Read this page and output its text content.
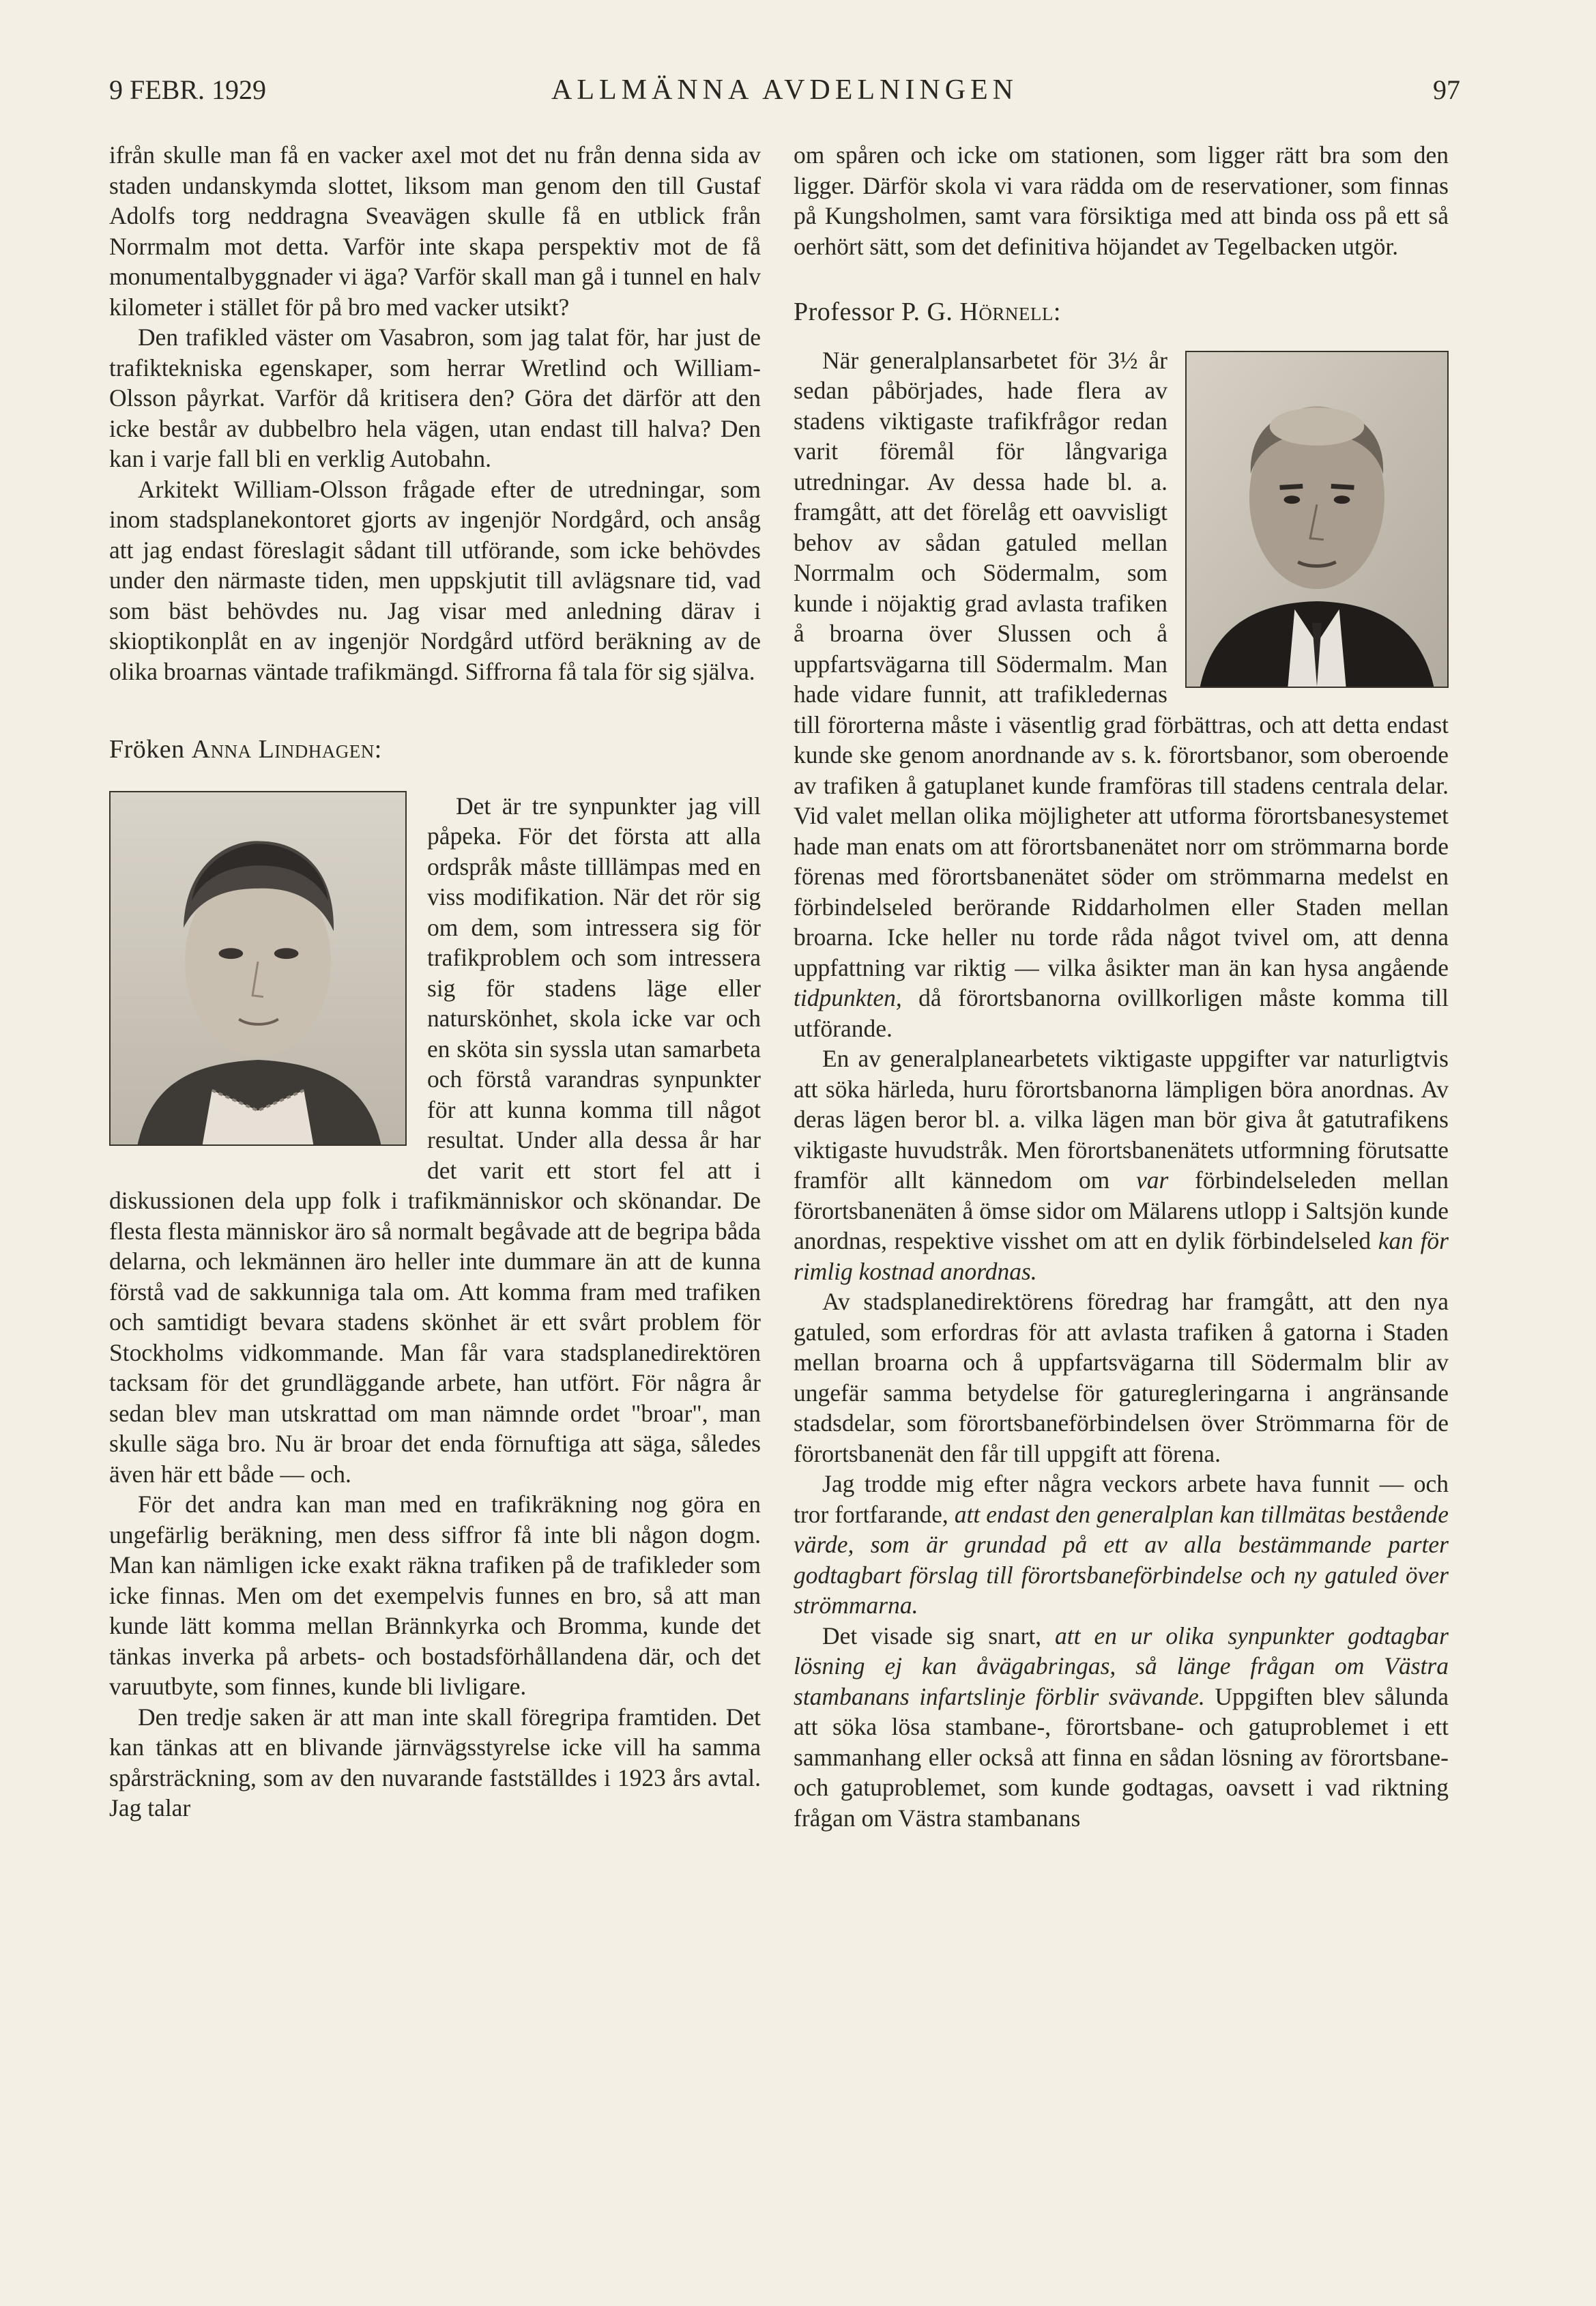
9 FEBR. 1929	ALLMÄNNA AVDELNINGEN	97

ifrån skulle man få en vacker axel mot det nu från denna sida av staden undanskymda slottet, liksom man genom den till Gustaf Adolfs torg neddragna Sveavägen skulle få en utblick från Norrmalm mot detta. Varför inte skapa perspektiv mot de få monumentalbyggnader vi äga? Varför skall man gå i tunnel en halv kilometer i stället för på bro med vacker utsikt?

Den trafikled väster om Vasabron, som jag talat för, har just de trafiktekniska egenskaper, som herrar Wretlind och William-Olsson påyrkat. Varför då kritisera den? Göra det därför att den icke består av dubbelbro hela vägen, utan endast till halva? Den kan i varje fall bli en verklig Autobahn.

Arkitekt William-Olsson frågade efter de utredningar, som inom stadsplanekontoret gjorts av ingenjör Nordgård, och ansåg att jag endast föreslagit sådant till utförande, som icke behövdes under den närmaste tiden, men uppskjutit till avlägsnare tid, vad som bäst behövdes nu. Jag visar med anledning därav i skioptikonplåt en av ingenjör Nordgård utförd beräkning av de olika broarnas väntade trafikmängd. Siffrorna få tala för sig själva.

Fröken Anna Lindhagen:

Det är tre synpunkter jag vill påpeka. För det första att alla ordspråk måste tilllämpas med en viss modifikation. När det rör sig om dem, som intressera sig för trafikproblem och som intressera sig för stadens läge eller naturskönhet, skola icke var och en sköta sin syssla utan samarbeta och förstå varandras synpunkter för att kunna komma till något resultat. Under alla dessa år har det varit ett stort fel att i diskussionen dela upp folk i trafikmänniskor och skönandar. De flesta flesta människor äro så normalt begåvade att de begripa båda delarna, och lekmännen äro heller inte dummare än att de kunna förstå vad de sakkunniga tala om. Att komma fram med trafiken och samtidigt bevara stadens skönhet är ett svårt problem för Stockholms vidkommande. Man får vara stadsplanedirektören tacksam för det grundläggande arbete, han utfört. För några år sedan blev man utskrattad om man nämnde ordet "broar", man skulle säga bro. Nu är broar det enda förnuftiga att säga, således även här ett både — och.

För det andra kan man med en trafikräkning nog göra en ungefärlig beräkning, men dess siffror få inte bli någon dogm. Man kan nämligen icke exakt räkna trafiken på de trafikleder som icke finnas. Men om det exempelvis funnes en bro, så att man kunde lätt komma mellan Brännkyrka och Bromma, kunde det tänkas inverka på arbets- och bostadsförhållandena där, och det varuutbyte, som finnes, kunde bli livligare.

Den tredje saken är att man inte skall föregripa framtiden. Det kan tänkas att en blivande järnvägsstyrelse icke vill ha samma spårsträckning, som av den nuvarande fastställdes i 1923 års avtal. Jag talar

om spåren och icke om stationen, som ligger rätt bra som den ligger. Därför skola vi vara rädda om de reservationer, som finnas på Kungsholmen, samt vara försiktiga med att binda oss på ett så oerhört sätt, som det definitiva höjandet av Tegelbacken utgör.

Professor P. G. Hörnell:

När generalplansarbetet för 3½ år sedan påbörjades, hade flera av stadens viktigaste trafikfrågor redan varit föremål för långvariga utredningar. Av dessa hade bl. a. framgått, att det förelåg ett oavvisligt behov av sådan gatuled mellan Norrmalm och Södermalm, som kunde i nöjaktig grad avlasta trafiken å broarna över Slussen och å uppfartsvägarna till Södermalm. Man hade vidare funnit, att trafikledernas till förorterna måste i väsentlig grad förbättras, och att detta endast kunde ske genom anordnande av s. k. förortsbanor, som oberoende av trafiken å gatuplanet kunde framföras till stadens centrala delar. Vid valet mellan olika möjligheter att utforma förortsbanesystemet hade man enats om att förortsbanenätet norr om strömmarna borde förenas med förortsbanenätet söder om strömmarna medelst en förbindelseled berörande Riddarholmen eller Staden mellan broarna. Icke heller nu torde råda något tvivel om, att denna uppfattning var riktig — vilka åsikter man än kan hysa angående tidpunkten, då förortsbanorna ovillkorligen måste komma till utförande.

En av generalplanearbetets viktigaste uppgifter var naturligtvis att söka härleda, huru förortsbanorna lämpligen böra anordnas. Av deras lägen beror bl. a. vilka lägen man bör giva åt gatutrafikens viktigaste huvudstråk. Men förortsbanenätets utformning förutsatte framför allt kännedom om var förbindelseleden mellan förortsbanenäten å ömse sidor om Mälarens utlopp i Saltsjön kunde anordnas, respektive visshet om att en dylik förbindelseled kan för rimlig kostnad anordnas.

Av stadsplanedirektörens föredrag har framgått, att den nya gatuled, som erfordras för att avlasta trafiken å gatorna i Staden mellan broarna och å uppfartsvägarna till Södermalm blir av ungefär samma betydelse för gaturegleringarna i angränsande stadsdelar, som förortsbaneförbindelsen över Strömmarna för de förortsbanenät den får till uppgift att förena.

Jag trodde mig efter några veckors arbete hava funnit — och tror fortfarande, att endast den generalplan kan tillmätas bestående värde, som är grundad på ett av alla bestämmande parter godtagbart förslag till förortsbaneförbindelse och ny gatuled över strömmarna.

Det visade sig snart, att en ur olika synpunkter godtagbar lösning ej kan åvägabringas, så länge frågan om Västra stambanans infartslinje förblir svävande. Uppgiften blev sålunda att söka lösa stambane-, förortsbane- och gatuproblemet i ett sammanhang eller också att finna en sådan lösning av förortsbane- och gatuproblemet, som kunde godtagas, oavsett i vad riktning frågan om Västra stambanans
